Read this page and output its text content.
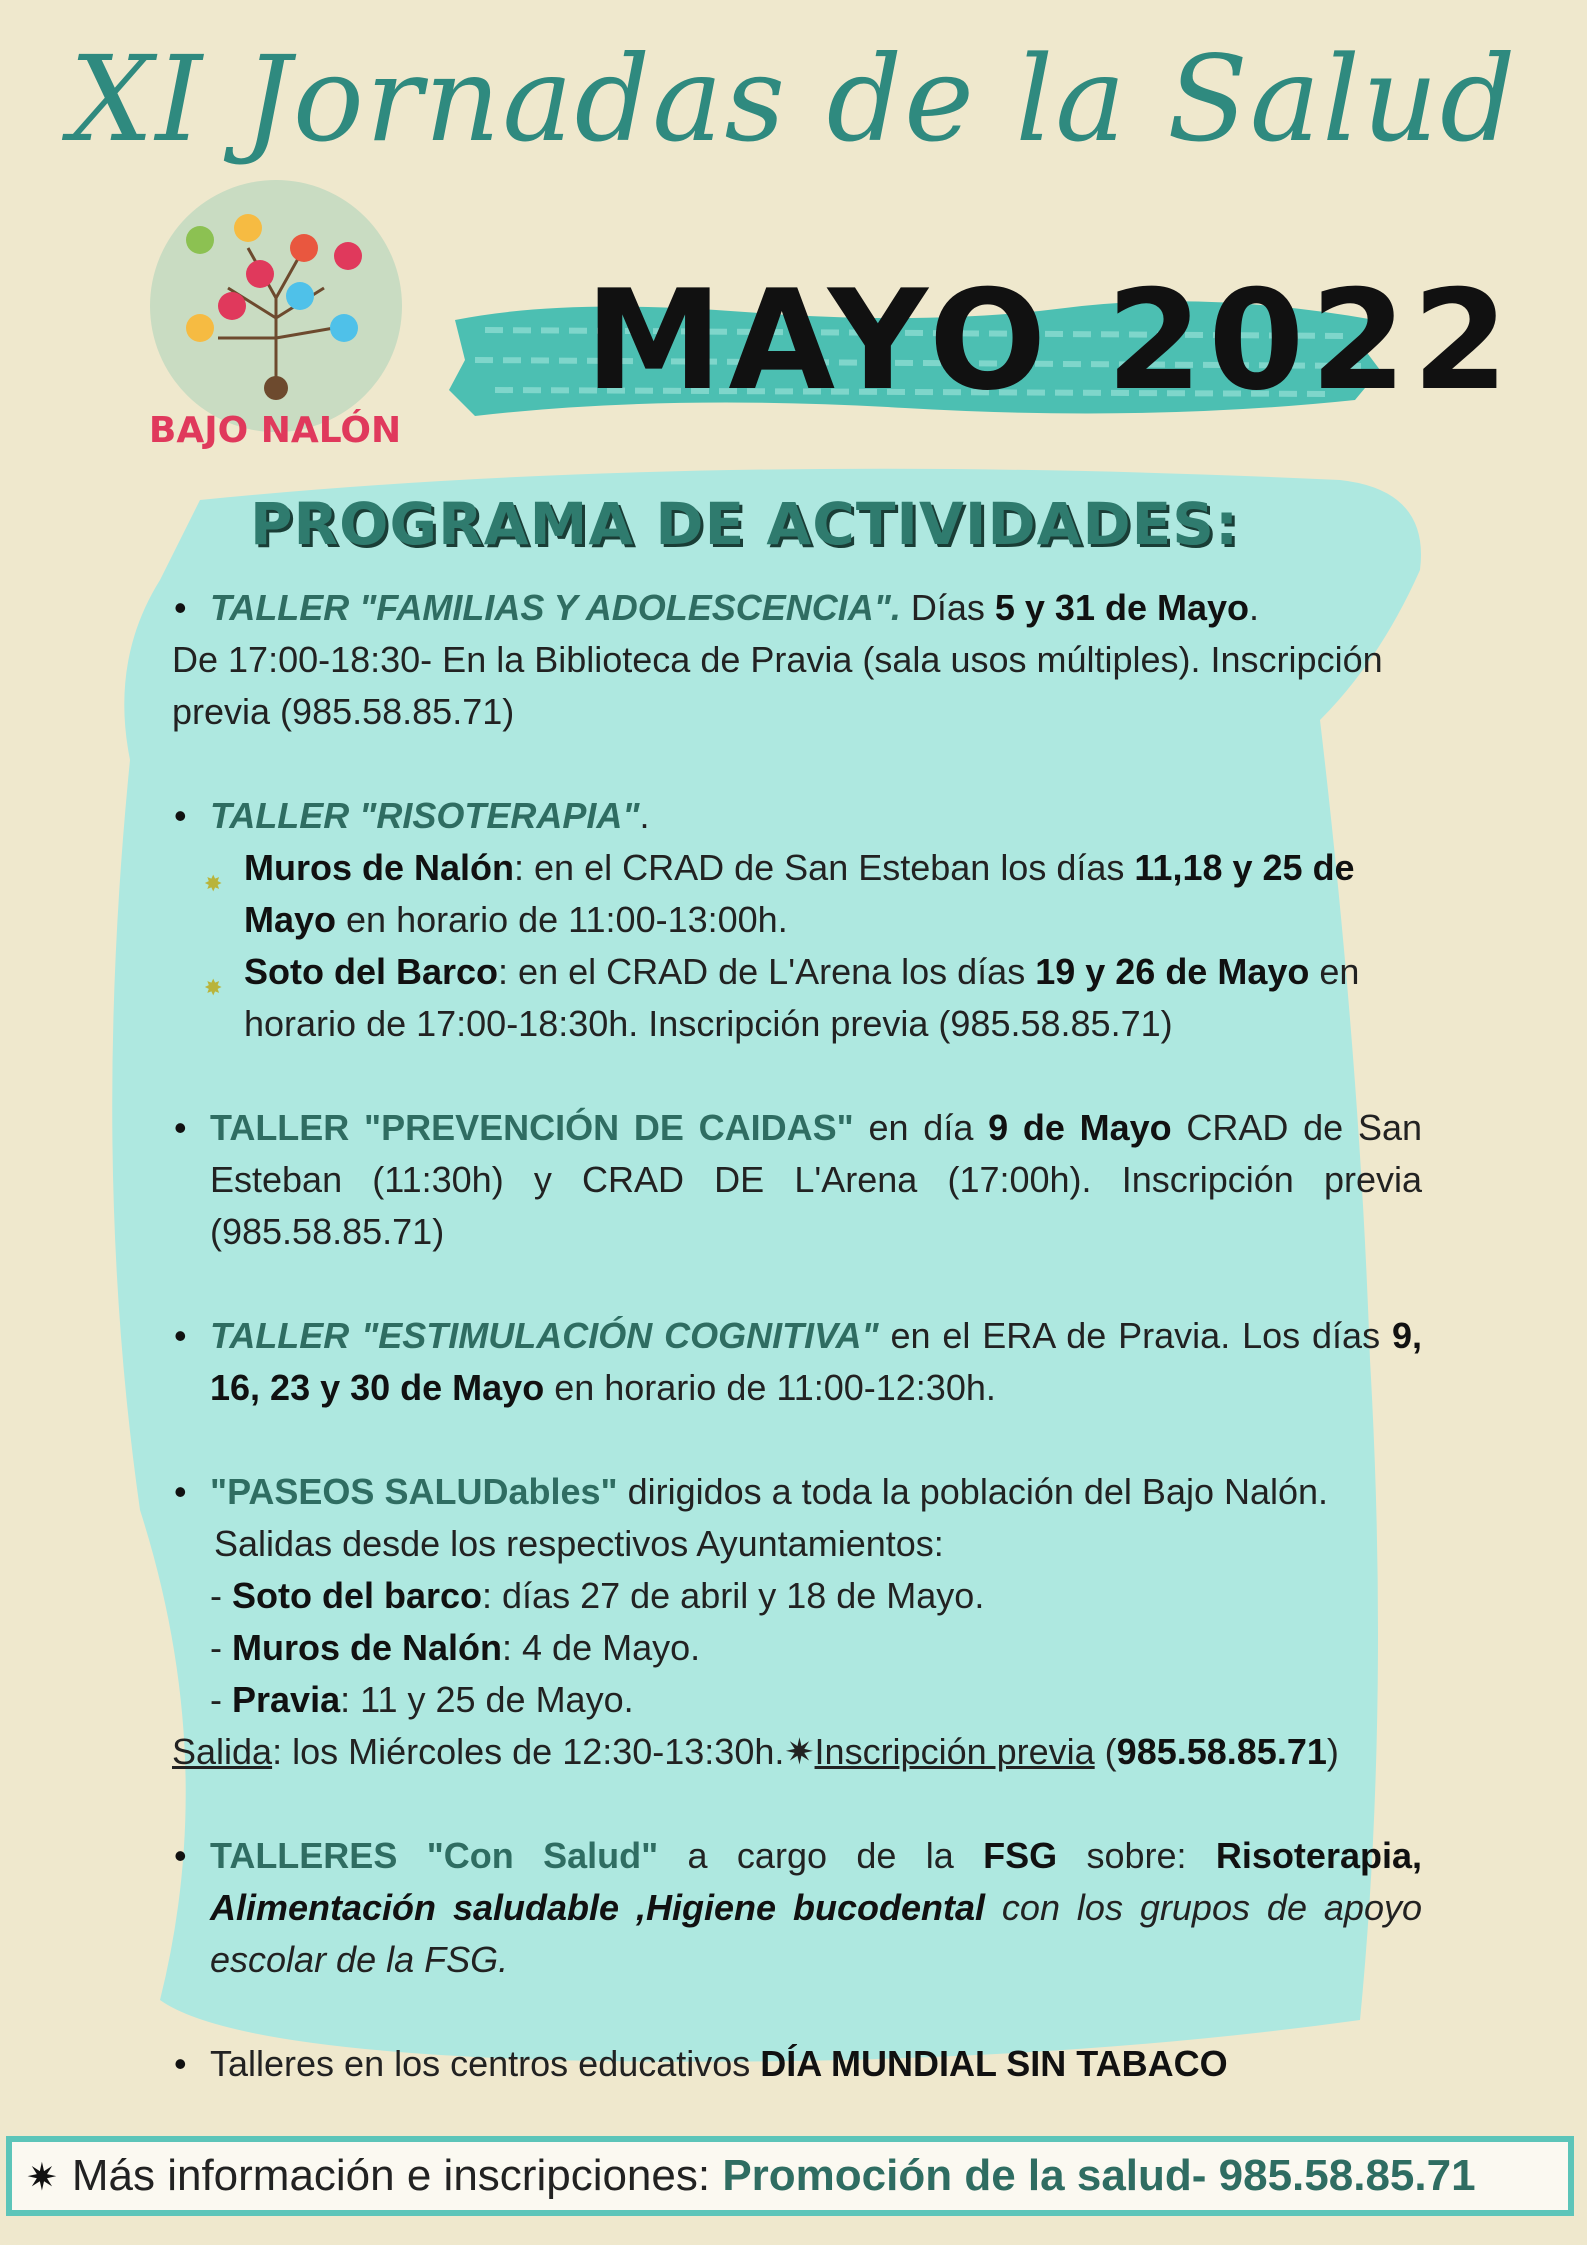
XI Jornadas de la Salud
BAJO NALÓN
MAYO 2022
PROGRAMA DE ACTIVIDADES:
• TALLER "FAMILIAS Y ADOLESCENCIA". Días 5 y 31 de Mayo.
De 17:00-18:30- En la Biblioteca de Pravia (sala usos múltiples). Inscripción previa (985.58.85.71)
• TALLER "RISOTERAPIA".
✸ Muros de Nalón: en el CRAD de San Esteban los días 11,18 y 25 de Mayo en horario de 11:00-13:00h.
✸ Soto del Barco: en el CRAD de L'Arena los días 19 y 26 de Mayo en horario de 17:00-18:30h. Inscripción previa (985.58.85.71)
• TALLER "PREVENCIÓN DE CAIDAS" en día 9 de Mayo CRAD de San Esteban (11:30h) y CRAD DE L'Arena (17:00h). Inscripción previa (985.58.85.71)
• TALLER "ESTIMULACIÓN COGNITIVA" en el ERA de Pravia. Los días 9, 16, 23 y 30 de Mayo en horario de 11:00-12:30h.
• "PASEOS SALUDables" dirigidos a toda la población del Bajo Nalón.
Salidas desde los respectivos Ayuntamientos:
- Soto del barco: días 27 de abril y 18 de Mayo.
- Muros de Nalón: 4 de Mayo.
- Pravia: 11 y 25 de Mayo.
Salida: los Miércoles de 12:30-13:30h.✷Inscripción previa (985.58.85.71)
• TALLERES "Con Salud" a cargo de la FSG sobre: Risoterapia, Alimentación saludable ,Higiene bucodental con los grupos de apoyo escolar de la FSG.
• Talleres en los centros educativos DÍA MUNDIAL SIN TABACO
✷ Más información e inscripciones: Promoción de la salud- 985.58.85.71
